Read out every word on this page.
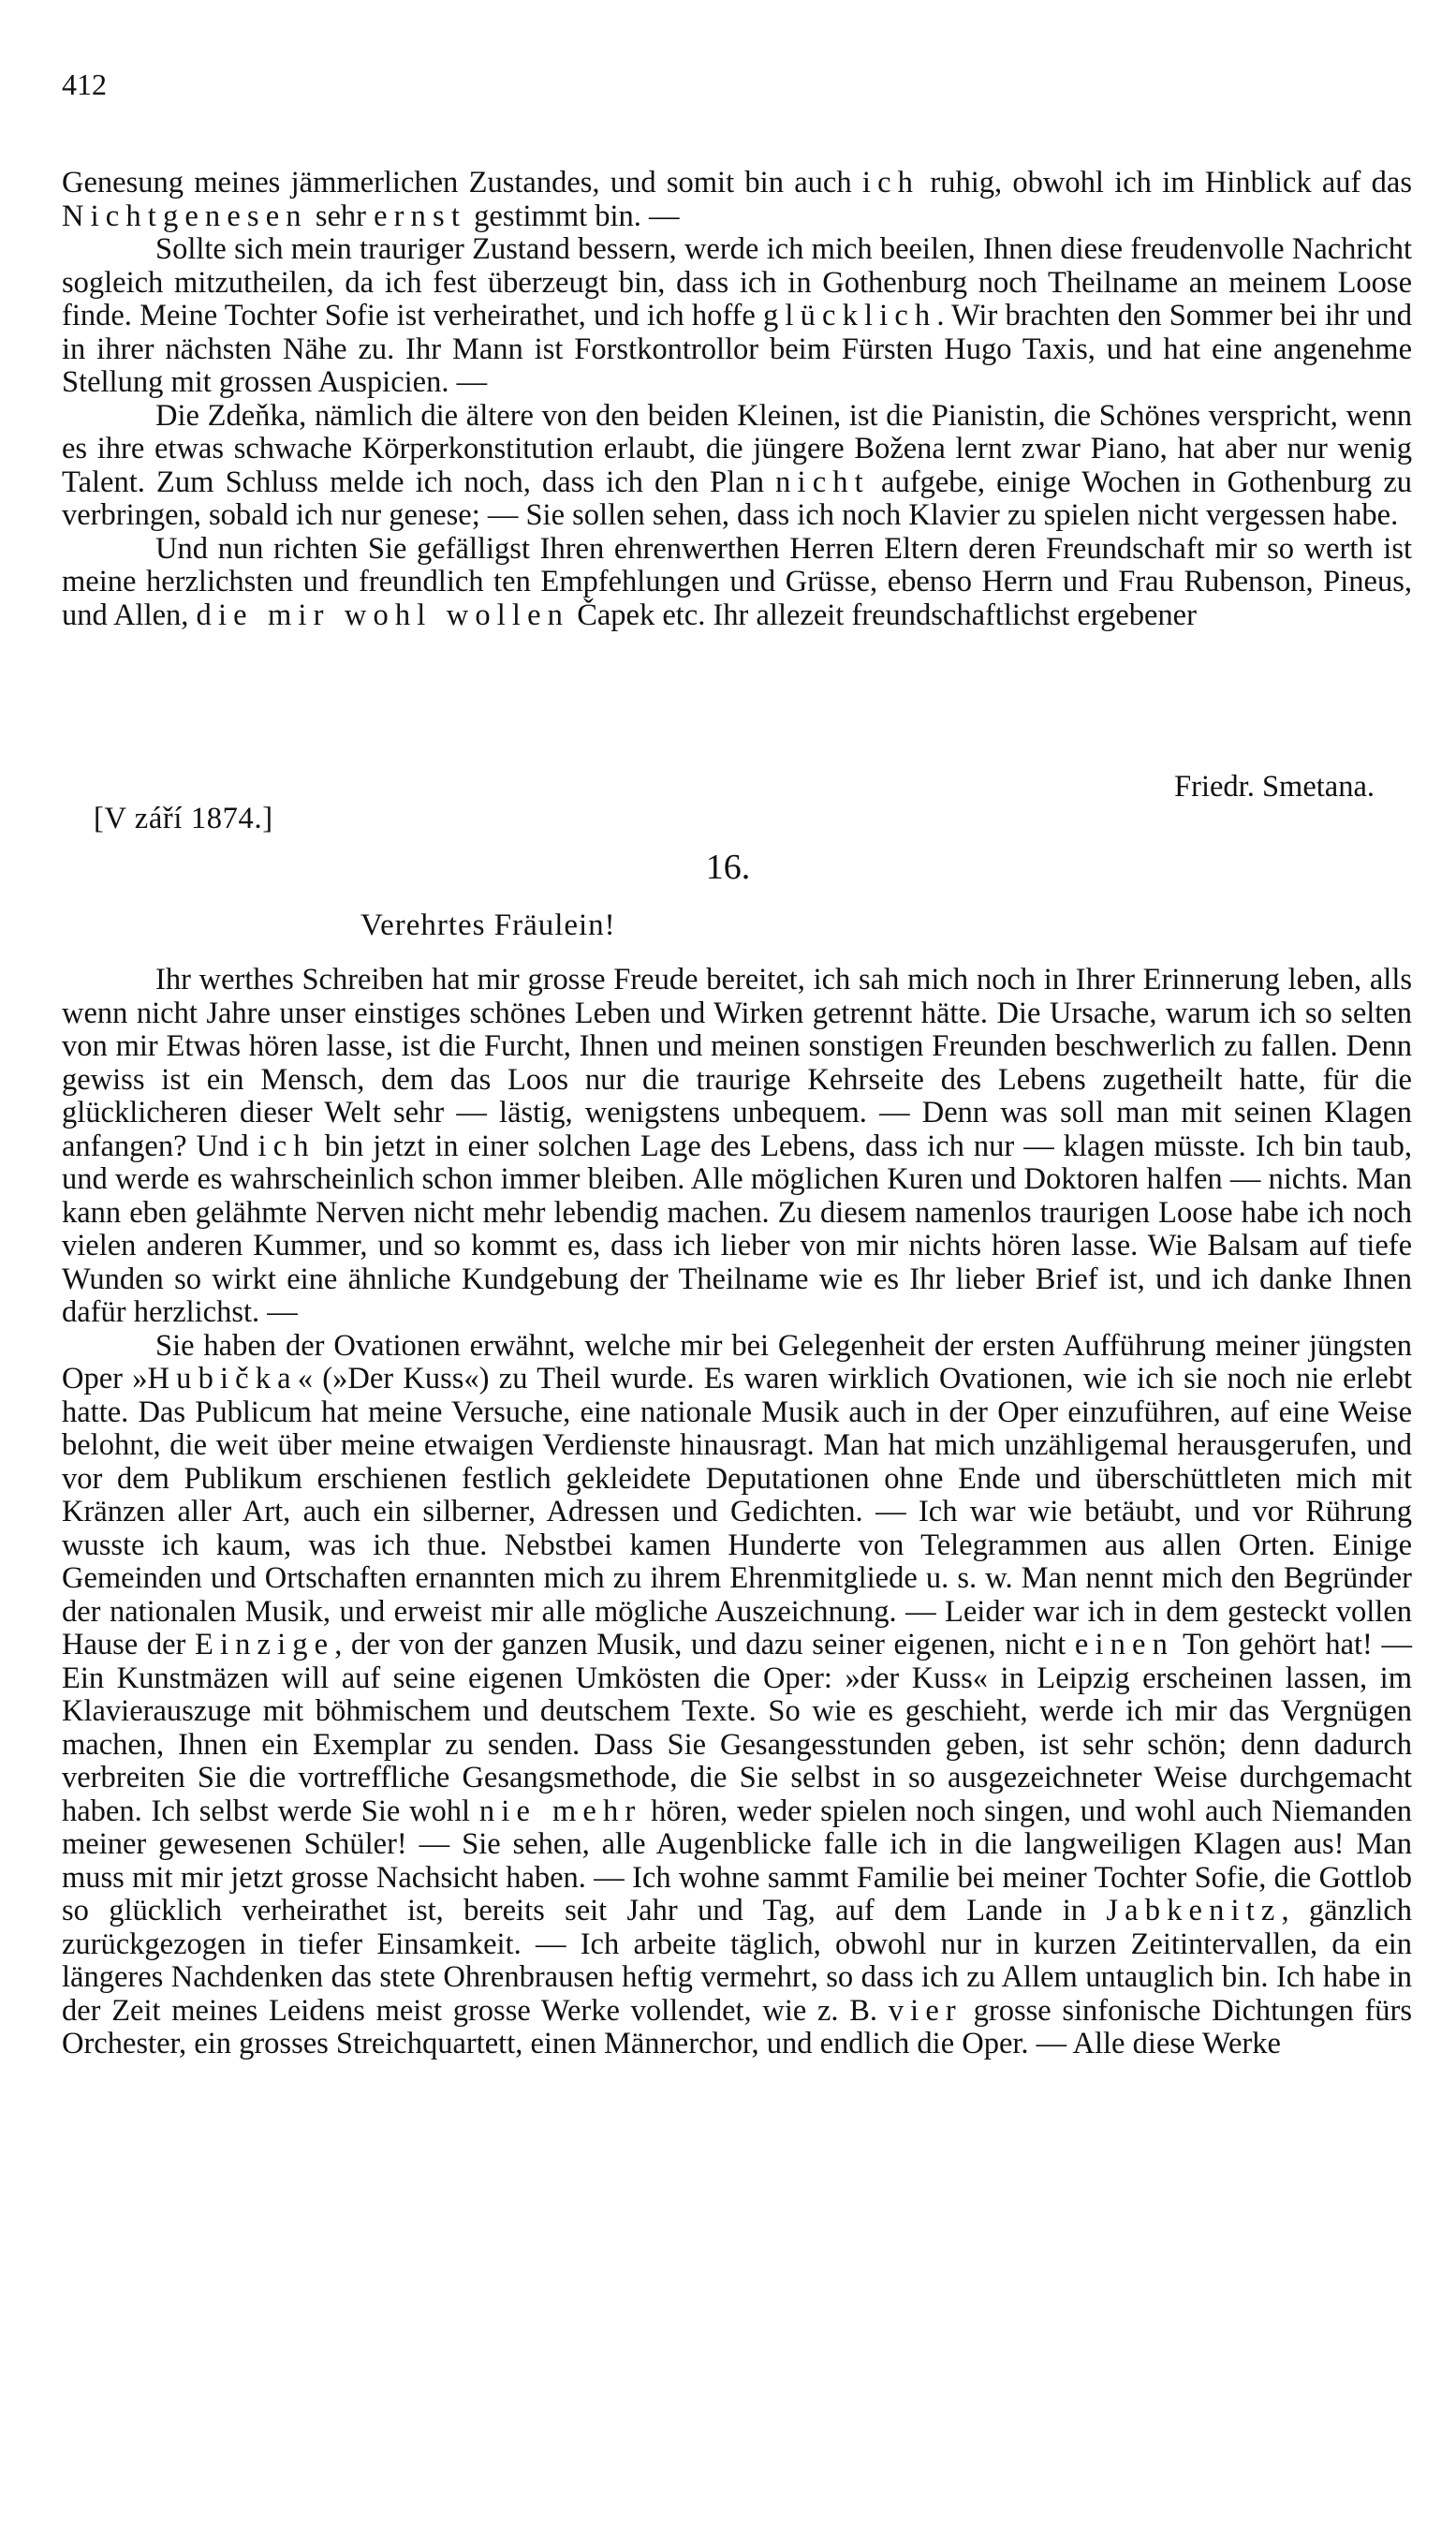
412

Genesung meines jämmerlichen Zustandes, und somit bin auch ich ruhig, obwohl ich im Hinblick auf das Nichtgenesen sehr ernst gestimmt bin. —

Sollte sich mein trauriger Zustand bessern, werde ich mich beeilen, Ihnen diese freudenvolle Nachricht sogleich mitzutheilen, da ich fest überzeugt bin, dass ich in Gothenburg noch Theilname an meinem Loose finde. Meine Tochter Sofie ist verheirathet, und ich hoffe glücklich. Wir brachten den Sommer bei ihr und in ihrer nächsten Nähe zu. Ihr Mann ist Forstkontrollor beim Fürsten Hugo Taxis, und hat eine angenehme Stellung mit grossen Auspicien. —

Die Zdeňka, nämlich die ältere von den beiden Kleinen, ist die Pianistin, die Schönes verspricht, wenn es ihre etwas schwache Körperkonstitution erlaubt, die jüngere Božena lernt zwar Piano, hat aber nur wenig Talent. Zum Schluss melde ich noch, dass ich den Plan nicht aufgebe, einige Wochen in Gothenburg zu verbringen, sobald ich nur genese; — Sie sollen sehen, dass ich noch Klavier zu spielen nicht vergessen habe.

Und nun richten Sie gefälligst Ihren ehrenwerthen Herren Eltern deren Freundschaft mir so werth ist meine herzlichsten und freundlich ten Empfehlungen und Grüsse, ebenso Herrn und Frau Rubenson, Pineus, und Allen, die mir wohl wollen Čapek etc. Ihr allezeit freundschaftlichst ergebener

Friedr. Smetana.
[V září 1874.]
16.
Verehrtes Fräulein!

Ihr werthes Schreiben hat mir grosse Freude bereitet, ich sah mich noch in Ihrer Erinnerung leben, alls wenn nicht Jahre unser einstiges schönes Leben und Wirken getrennt hätte. Die Ursache, warum ich so selten von mir Etwas hören lasse, ist die Furcht, Ihnen und meinen sonstigen Freunden beschwerlich zu fallen. Denn gewiss ist ein Mensch, dem das Loos nur die traurige Kehrseite des Lebens zugetheilt hatte, für die glücklicheren dieser Welt sehr — lästig, wenigstens unbequem. — Denn was soll man mit seinen Klagen anfangen? Und ich bin jetzt in einer solchen Lage des Lebens, dass ich nur — klagen müsste. Ich bin taub, und werde es wahrscheinlich schon immer bleiben. Alle möglichen Kuren und Doktoren halfen — nichts. Man kann eben gelähmte Nerven nicht mehr lebendig machen. Zu diesem namenlos traurigen Loose habe ich noch vielen anderen Kummer, und so kommt es, dass ich lieber von mir nichts hören lasse. Wie Balsam auf tiefe Wunden so wirkt eine ähnliche Kundgebung der Theilname wie es Ihr lieber Brief ist, und ich danke Ihnen dafür herzlichst. —

Sie haben der Ovationen erwähnt, welche mir bei Gelegenheit der ersten Aufführung meiner jüngsten Oper »Hubička« (»Der Kuss«) zu Theil wurde. Es waren wirklich Ovationen, wie ich sie noch nie erlebt hatte. Das Publicum hat meine Versuche, eine nationale Musik auch in der Oper einzuführen, auf eine Weise belohnt, die weit über meine etwaigen Verdienste hinausragt. Man hat mich unzähligemal herausgerufen, und vor dem Publikum erschienen festlich gekleidete Deputationen ohne Ende und überschüttleten mich mit Kränzen aller Art, auch ein silberner, Adressen und Gedichten. — Ich war wie betäubt, und vor Rührung wusste ich kaum, was ich thue. Nebstbei kamen Hunderte von Telegrammen aus allen Orten. Einige Gemeinden und Ortschaften ernannten mich zu ihrem Ehrenmitgliede u. s. w. Man nennt mich den Begründer der nationalen Musik, und erweist mir alle mögliche Auszeichnung. — Leider war ich in dem gesteckt vollen Hause der Einzige, der von der ganzen Musik, und dazu seiner eigenen, nicht einen Ton gehört hat! — Ein Kunstmäzen will auf seine eigenen Umkösten die Oper: »der Kuss« in Leipzig erscheinen lassen, im Klavierauszuge mit böhmischem und deutschem Texte. So wie es geschieht, werde ich mir das Vergnügen machen, Ihnen ein Exemplar zu senden. Dass Sie Gesangesstunden geben, ist sehr schön; denn dadurch verbreiten Sie die vortreffliche Gesangsmethode, die Sie selbst in so ausgezeichneter Weise durchgemacht haben. Ich selbst werde Sie wohl nie mehr hören, weder spielen noch singen, und wohl auch Niemanden meiner gewesenen Schüler! — Sie sehen, alle Augenblicke falle ich in die langweiligen Klagen aus! Man muss mit mir jetzt grosse Nachsicht haben. — Ich wohne sammt Familie bei meiner Tochter Sofie, die Gottlob so glücklich verheirathet ist, bereits seit Jahr und Tag, auf dem Lande in Jabkenitz, gänzlich zurückgezogen in tiefer Einsamkeit. — Ich arbeite täglich, obwohl nur in kurzen Zeitintervallen, da ein längeres Nachdenken das stete Ohrenbrausen heftig vermehrt, so dass ich zu Allem untauglich bin. Ich habe in der Zeit meines Leidens meist grosse Werke vollendet, wie z. B. vier grosse sinfonische Dichtungen fürs Orchester, ein grosses Streichquartett, einen Männerchor, und endlich die Oper. — Alle diese Werke
